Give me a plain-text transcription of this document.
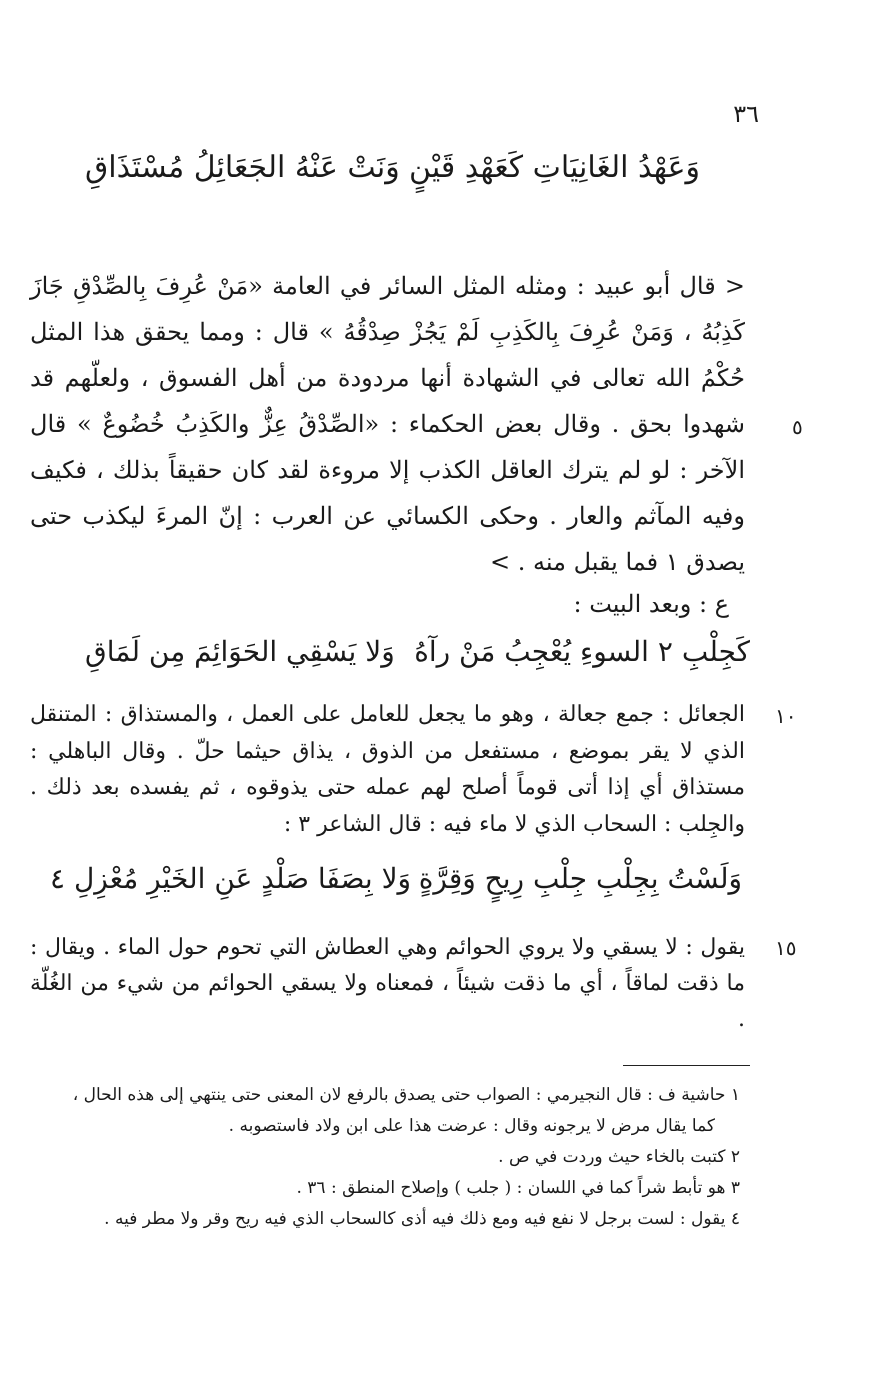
٣٦
وَعَهْدُ الغَانِيَاتِ كَعَهْدِ قَيْنٍ
وَنَتْ عَنْهُ الجَعَائِلُ مُسْتَذَاقِ
< قال أبو عبيد : ومثله المثل السائر في العامة «مَنْ عُرِفَ بِالصِّدْقِ جَازَ كَذِبُهُ ، وَمَنْ عُرِفَ بِالكَذِبِ لَمْ يَجُزْ صِدْقُهُ » قال : ومما يحقق هذا المثل حُكْمُ الله تعالى في الشهادة أنها مردودة من أهل الفسوق ، ولعلّهم قد شهدوا بحق . وقال بعض الحكماء : «الصِّدْقُ عِزٌّ والكَذِبُ خُضُوعٌ » قال الآخر : لو لم يترك العاقل الكذب إلا مروءة لقد كان حقيقاً بذلك ، فكيف وفيه المآثم والعار . وحكى الكسائي عن العرب : إنّ المرءَ ليكذب حتى يصدق ١ فما يقبل منه . >
٥
ع : وبعد البيت :
كَجِلْبِ ٢ السوءِ يُعْجِبُ مَنْ رآهُ
وَلا يَسْقِي الحَوَائِمَ مِن لَمَاقِ
١٠
الجعائل : جمع جعالة ، وهو ما يجعل للعامل على العمل ، والمستذاق : المتنقل الذي لا يقر بموضع ، مستفعل من الذوق ، يذاق حيثما حلّ . وقال الباهلي : مستذاق أي إذا أتى قوماً أصلح لهم عمله حتى يذوقوه ، ثم يفسده بعد ذلك . والجِلب : السحاب الذي لا ماء فيه : قال الشاعر ٣ :
وَلَسْتُ بِجِلْبِ جِلْبِ رِيحٍ وَقِرَّةٍ
وَلا بِصَفَا صَلْدٍ عَنِ الخَيْرِ مُعْزِلِ ٤
١٥
يقول : لا يسقي ولا يروي الحوائم وهي العطاش التي تحوم حول الماء . ويقال : ما ذقت لماقاً ، أي ما ذقت شيئاً ، فمعناه ولا يسقي الحوائم من شيء من الغُلّة .
١ حاشية ف : قال النجيرمي : الصواب حتى يصدق بالرفع لان المعنى حتى ينتهي إلى هذه الحال ،
كما يقال مرض لا يرجونه وقال : عرضت هذا على ابن ولاد فاستصوبه .
٢ كتبت بالخاء حيث وردت في ص .
٣ هو تأبط شراً كما في اللسان : ( جلب ) وإصلاح المنطق : ٣٦ .
٤ يقول : لست برجل لا نفع فيه ومع ذلك فيه أذى كالسحاب الذي فيه ريح وقر ولا مطر فيه .
